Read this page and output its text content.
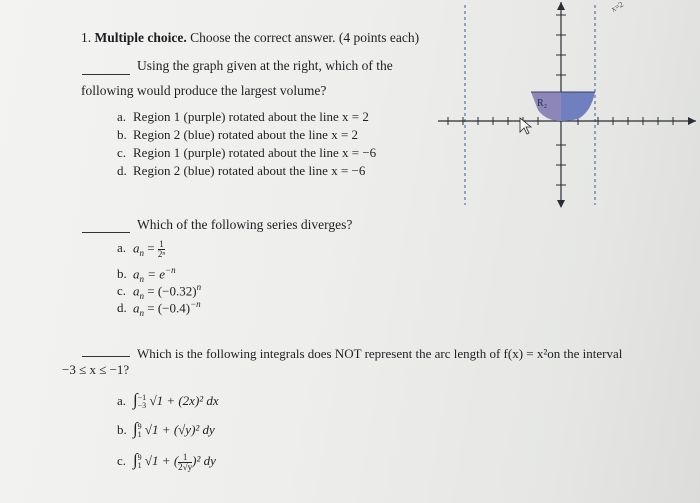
1. Multiple choice. Choose the correct answer. (4 points each)
Using the graph given at the right, which of the
following would produce the largest volume?
a. Region 1 (purple) rotated about the line x = 2
b. Region 2 (blue) rotated about the line x = 2
c. Region 1 (purple) rotated about the line x = −6
d. Region 2 (blue) rotated about the line x = −6
R₂
x=2
Which of the following series diverges?
a. $a_n = \frac{1}{\text{2ⁿ}}$
b. $a_n = e^{-n}$
c. $a_n = (-0.32)^n$
d. $a_n = (-0.4)^{-n}$
Which is the following integrals does NOT represent the arc length of f(x) = x²on the interval
−3 ≤ x ≤ −1?
a. ∫ −1
−3 √1 + (2x)² dx
b. ∫ 9
1 √1 + (√y)² dy
c. ∫ 9
1 √1 + ( $\frac{1}{2√y} )^2$ dy
